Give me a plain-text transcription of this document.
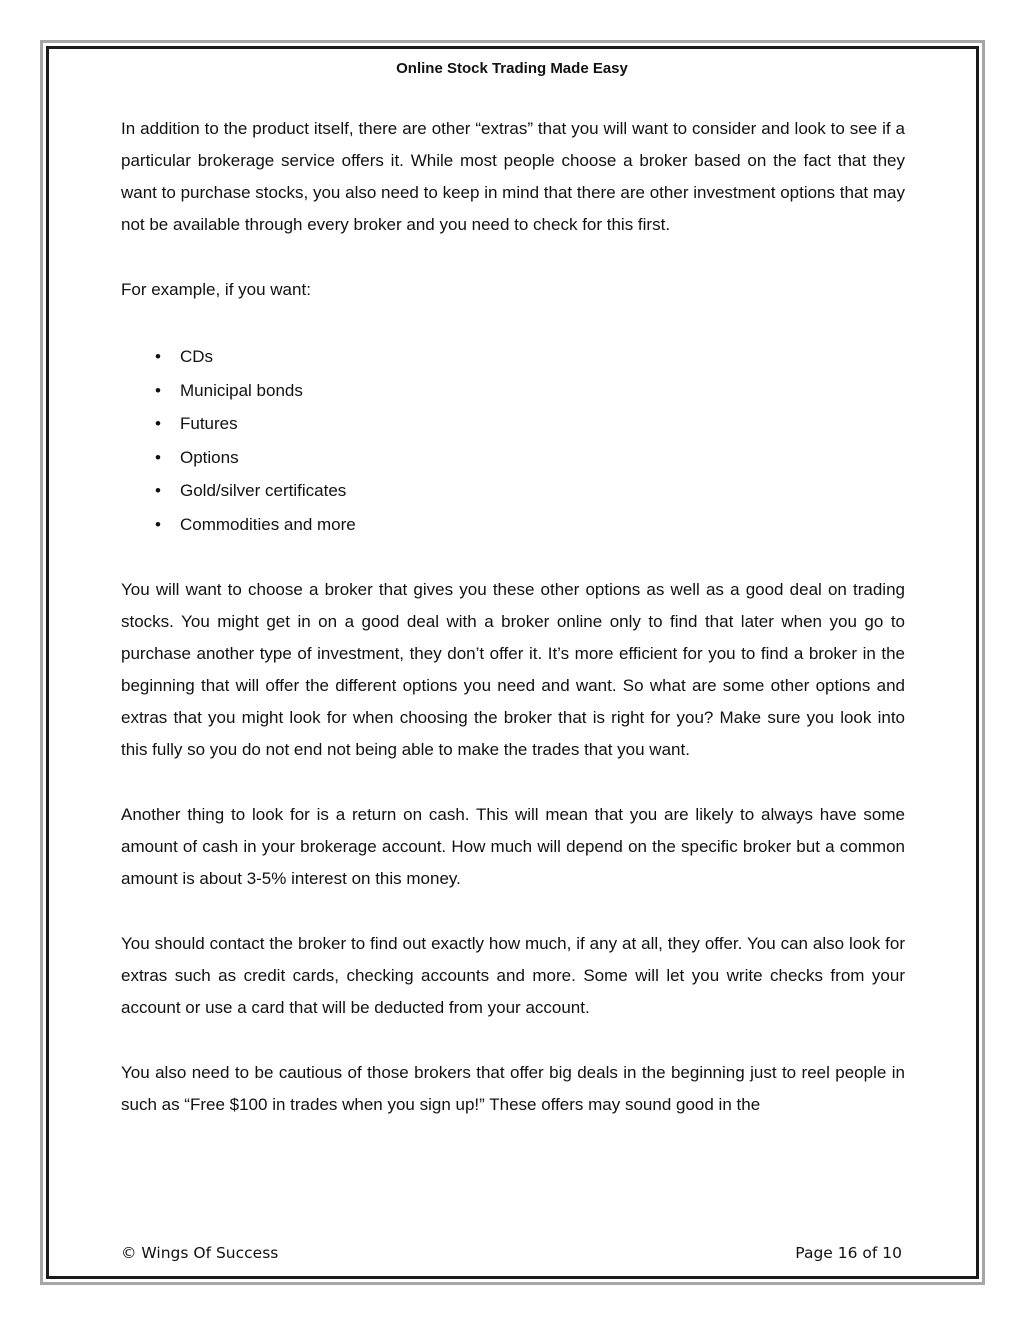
Online Stock Trading Made Easy

In addition to the product itself, there are other “extras” that you will want to consider and look to see if a particular brokerage service offers it. While most people choose a broker based on the fact that they want to purchase stocks, you also need to keep in mind that there are other investment options that may not be available through every broker and you need to check for this first.

For example, if you want:

• CDs
• Municipal bonds
• Futures
• Options
• Gold/silver certificates
• Commodities and more

You will want to choose a broker that gives you these other options as well as a good deal on trading stocks. You might get in on a good deal with a broker online only to find that later when you go to purchase another type of investment, they don’t offer it. It’s more efficient for you to find a broker in the beginning that will offer the different options you need and want. So what are some other options and extras that you might look for when choosing the broker that is right for you? Make sure you look into this fully so you do not end not being able to make the trades that you want.

Another thing to look for is a return on cash. This will mean that you are likely to always have some amount of cash in your brokerage account. How much will depend on the specific broker but a common amount is about 3-5% interest on this money.

You should contact the broker to find out exactly how much, if any at all, they offer. You can also look for extras such as credit cards, checking accounts and more. Some will let you write checks from your account or use a card that will be deducted from your account.

You also need to be cautious of those brokers that offer big deals in the beginning just to reel people in such as “Free $100 in trades when you sign up!” These offers may sound good in the

© Wings Of Success	Page 16 of 10
